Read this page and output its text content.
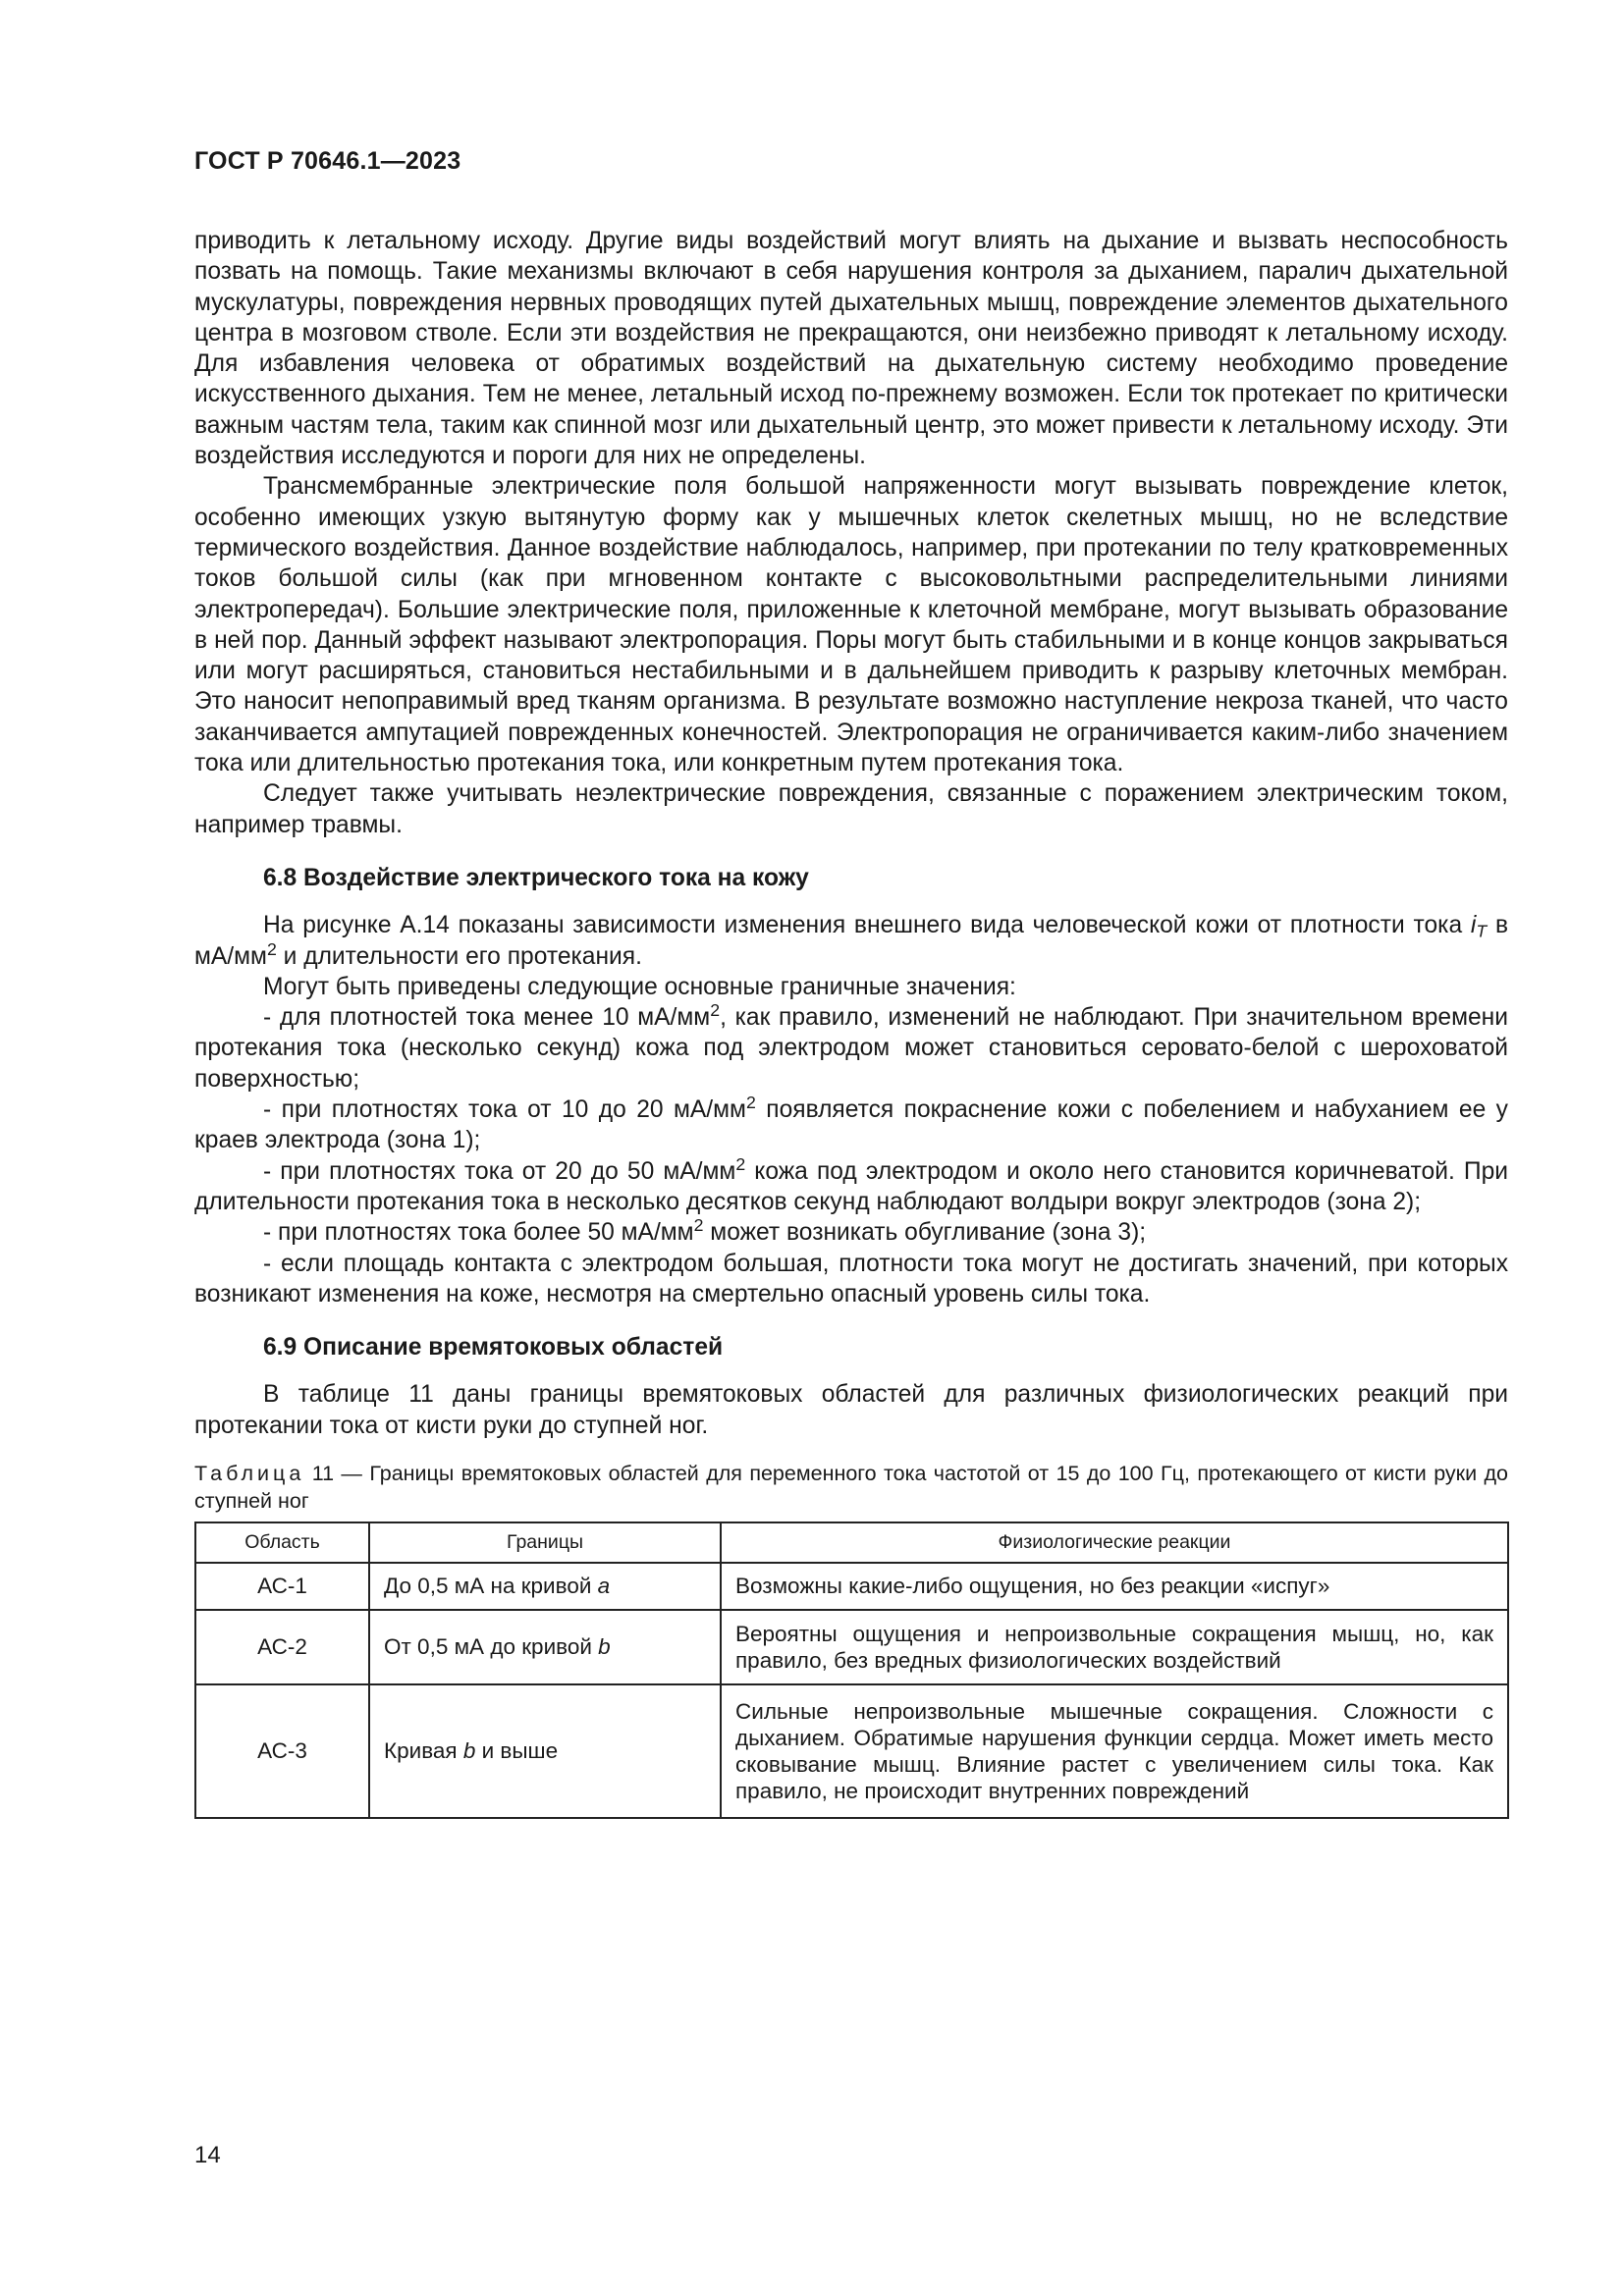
ГОСТ Р 70646.1—2023

приводить к летальному исходу. Другие виды воздействий могут влиять на дыхание и вызвать неспособность позвать на помощь. Такие механизмы включают в себя нарушения контроля за дыханием, паралич дыхательной мускулатуры, повреждения нервных проводящих путей дыхательных мышц, повреждение элементов дыхательного центра в мозговом стволе. Если эти воздействия не прекращаются, они неизбежно приводят к летальному исходу. Для избавления человека от обратимых воздействий на дыхательную систему необходимо проведение искусственного дыхания. Тем не менее, летальный исход по-прежнему возможен. Если ток протекает по критически важным частям тела, таким как спинной мозг или дыхательный центр, это может привести к летальному исходу. Эти воздействия исследуются и пороги для них не определены.

Трансмембранные электрические поля большой напряженности могут вызывать повреждение клеток, особенно имеющих узкую вытянутую форму как у мышечных клеток скелетных мышц, но не вследствие термического воздействия. Данное воздействие наблюдалось, например, при протекании по телу кратковременных токов большой силы (как при мгновенном контакте с высоковольтными распределительными линиями электропередач). Большие электрические поля, приложенные к клеточной мембране, могут вызывать образование в ней пор. Данный эффект называют электропорация. Поры могут быть стабильными и в конце концов закрываться или могут расширяться, становиться нестабильными и в дальнейшем приводить к разрыву клеточных мембран. Это наносит непоправимый вред тканям организма. В результате возможно наступление некроза тканей, что часто заканчивается ампутацией поврежденных конечностей. Электропорация не ограничивается каким-либо значением тока или длительностью протекания тока, или конкретным путем протекания тока.

Следует также учитывать неэлектрические повреждения, связанные с поражением электрическим током, например травмы.

6.8 Воздействие электрического тока на кожу

На рисунке А.14 показаны зависимости изменения внешнего вида человеческой кожи от плотности тока $i_T$ в $мА/мм^2$ и длительности его протекания.

Могут быть приведены следующие основные граничные значения:

- для плотностей тока менее 10 $мА/мм^2$, как правило, изменений не наблюдают. При значительном времени протекания тока (несколько секунд) кожа под электродом может становиться серовато-белой с шероховатой поверхностью;

- при плотностях тока от 10 до 20 $мА/мм^2$ появляется покраснение кожи с побелением и набуханием ее у краев электрода (зона 1);

- при плотностях тока от 20 до 50 $мА/мм^2$ кожа под электродом и около него становится коричневатой. При длительности протекания тока в несколько десятков секунд наблюдают волдыри вокруг электродов (зона 2);

- при плотностях тока более 50 $мА/мм^2$ может возникать обугливание (зона 3);

- если площадь контакта с электродом большая, плотности тока могут не достигать значений, при которых возникают изменения на коже, несмотря на смертельно опасный уровень силы тока.

6.9 Описание времятоковых областей

В таблице 11 даны границы времятоковых областей для различных физиологических реакций при протекании тока от кисти руки до ступней ног.

Таблица 11 — Границы времятоковых областей для переменного тока частотой от 15 до 100 Гц, протекающего от кисти руки до ступней ног

Область	Границы	Физиологические реакции
АС-1	До 0,5 мА на кривой a	Возможны какие-либо ощущения, но без реакции «испуг»
АС-2	От 0,5 мА до кривой b	Вероятны ощущения и непроизвольные сокращения мышц, но, как правило, без вредных физиологических воздействий
АС-3	Кривая b и выше	Сильные непроизвольные мышечные сокращения. Сложности с дыханием. Обратимые нарушения функции сердца. Может иметь место сковывание мышц. Влияние растет с увеличением силы тока. Как правило, не происходит внутренних повреждений
14
